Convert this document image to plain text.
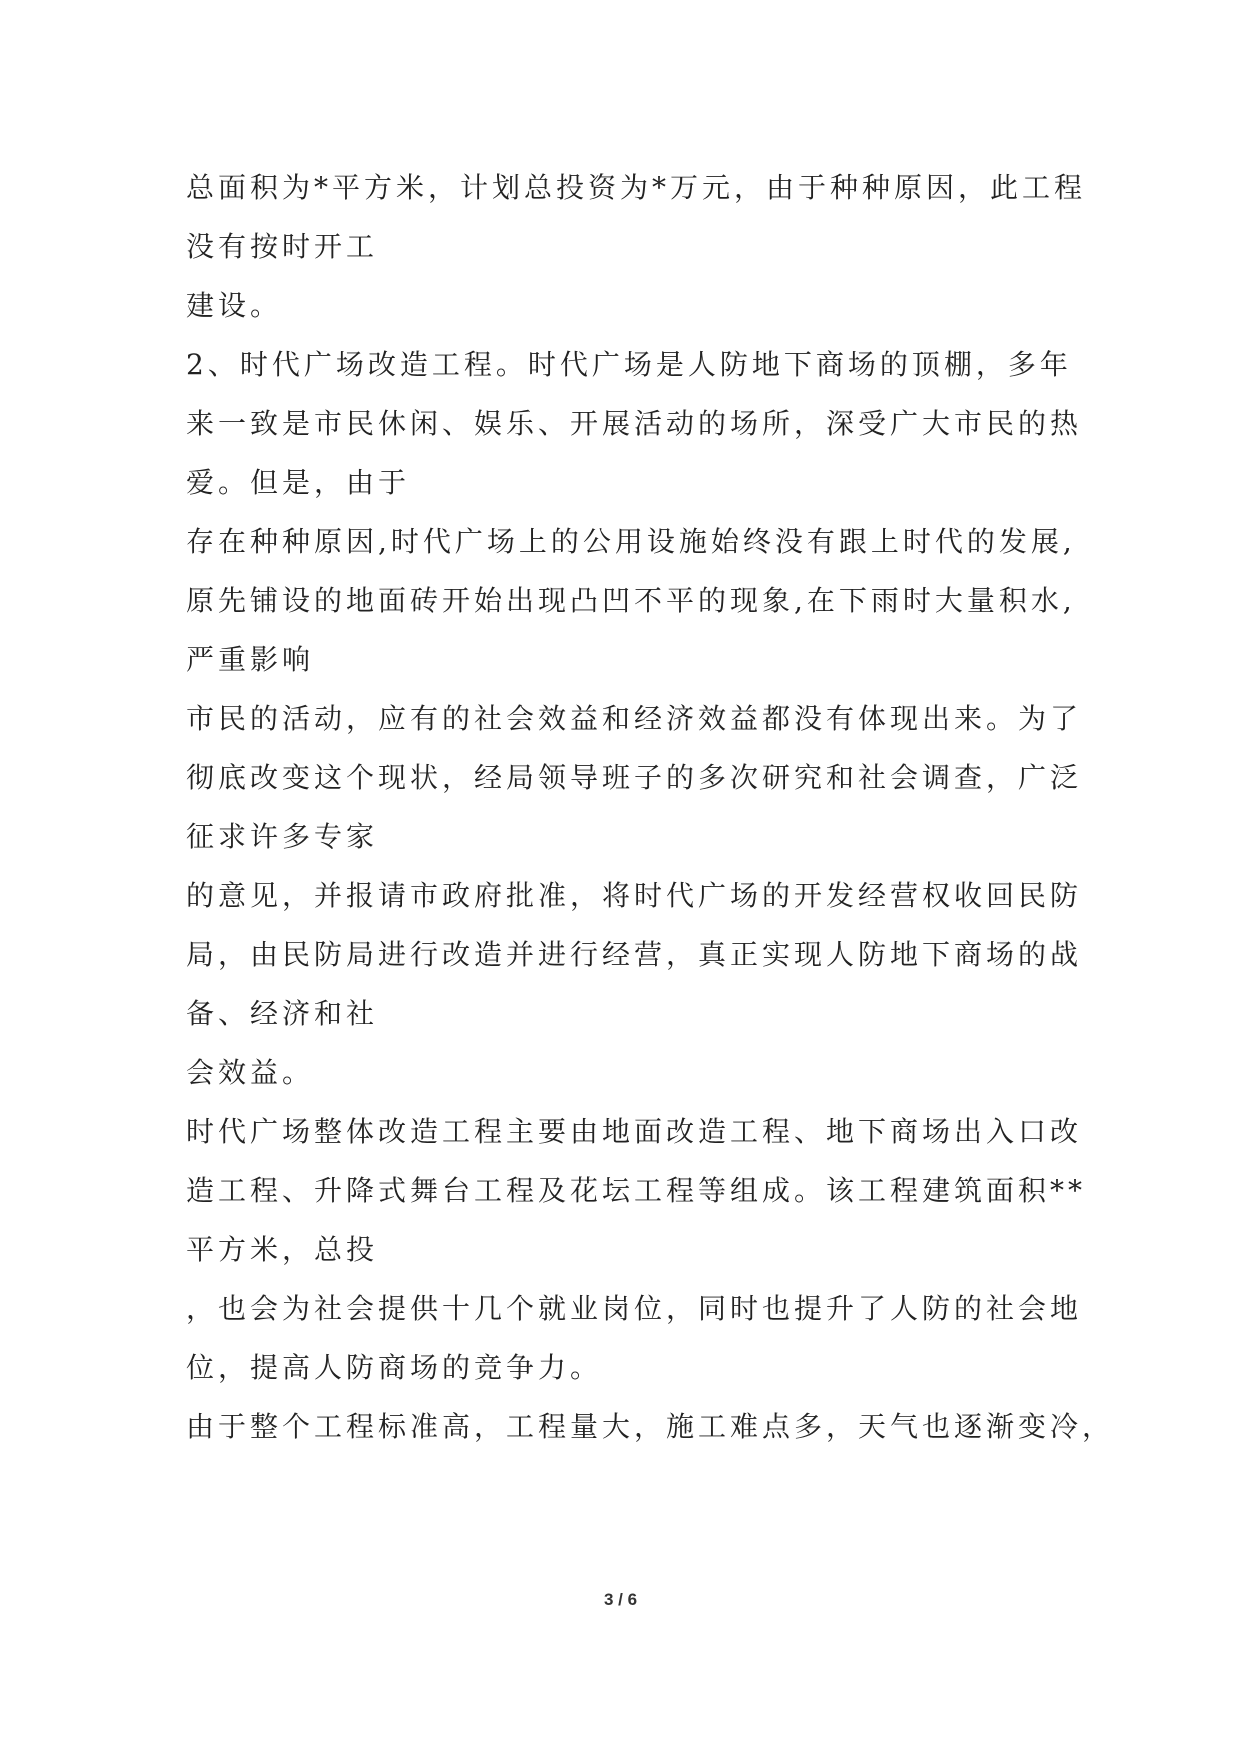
总面积为*平方米，计划总投资为*万元，由于种种原因，此工程
没有按时开工
建设。
2、时代广场改造工程。时代广场是人防地下商场的顶棚，多年
来一致是市民休闲、娱乐、开展活动的场所，深受广大市民的热
爱。但是，由于
存在种种原因,时代广场上的公用设施始终没有跟上时代的发展,
原先铺设的地面砖开始出现凸凹不平的现象,在下雨时大量积水,
严重影响
市民的活动，应有的社会效益和经济效益都没有体现出来。为了
彻底改变这个现状，经局领导班子的多次研究和社会调查，广泛
征求许多专家
的意见，并报请市政府批准，将时代广场的开发经营权收回民防
局，由民防局进行改造并进行经营，真正实现人防地下商场的战
备、经济和社
会效益。
时代广场整体改造工程主要由地面改造工程、地下商场出入口改
造工程、升降式舞台工程及花坛工程等组成。该工程建筑面积**
平方米，总投
，也会为社会提供十几个就业岗位，同时也提升了人防的社会地
位，提高人防商场的竞争力。
由于整个工程标准高，工程量大，施工难点多，天气也逐渐变冷，
3 / 6
